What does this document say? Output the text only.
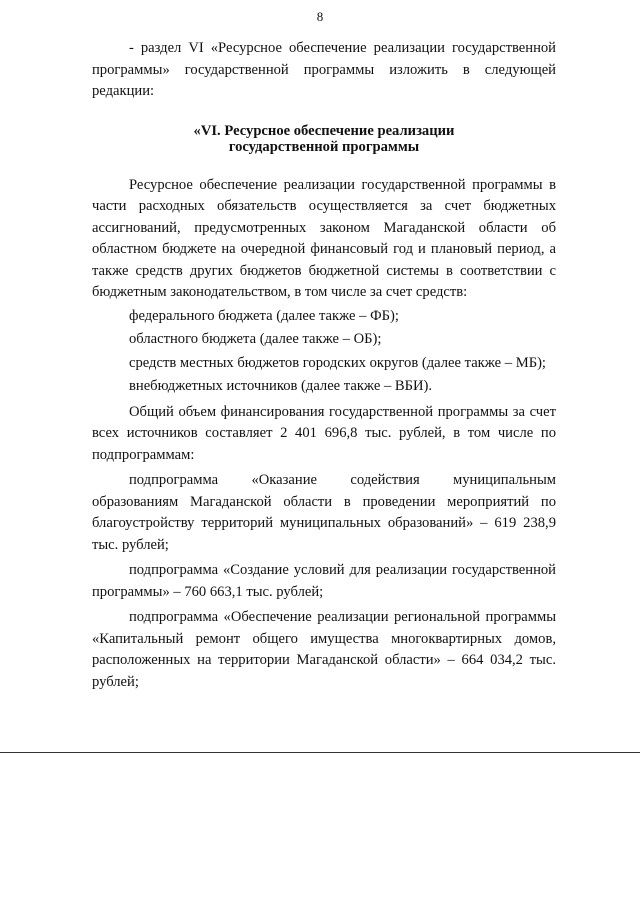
8

- раздел VI «Ресурсное обеспечение реализации государственной программы» государственной программы изложить в следующей редакции:

«VI. Ресурсное обеспечение реализации
государственной программы

Ресурсное обеспечение реализации государственной программы в части расходных обязательств осуществляется за счет бюджетных ассигнований, предусмотренных законом Магаданской области об областном бюджете на очередной финансовый год и плановый период, а также средств других бюджетов бюджетной системы в соответствии с бюджетным законодательством, в том числе за счет средств:

федерального бюджета (далее также – ФБ);

областного бюджета (далее также – ОБ);

средств местных бюджетов городских округов (далее также – МБ);

внебюджетных источников (далее также – ВБИ).

Общий объем финансирования государственной программы за счет всех источников составляет 2 401 696,8 тыс. рублей, в том числе по подпрограммам:

подпрограмма «Оказание содействия муниципальным образованиям Магаданской области в проведении мероприятий по благоустройству территорий муниципальных образований» – 619 238,9 тыс. рублей;

подпрограмма «Создание условий для реализации государственной программы» – 760 663,1 тыс. рублей;

подпрограмма «Обеспечение реализации региональной программы «Капитальный ремонт общего имущества многоквартирных домов, расположенных на территории Магаданской области» – 664 034,2 тыс. рублей;
